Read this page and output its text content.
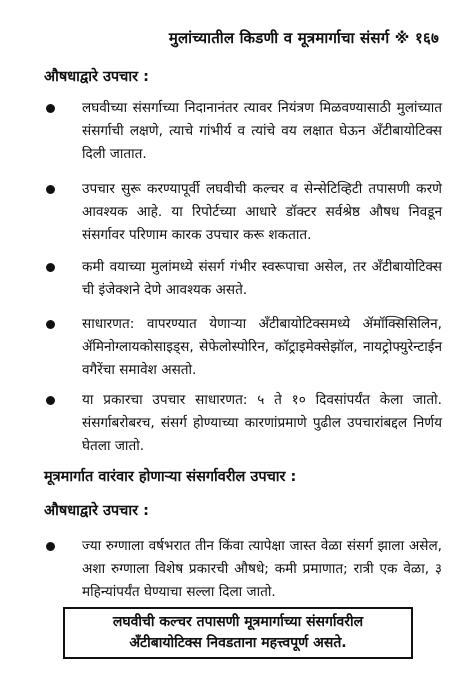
मुलांच्यातील किडणी व मूत्रमार्गाचा संसर्ग ※ १६७
औषधाद्वारे उपचार :
लघवीच्या संसर्गाच्या निदानानंतर त्यावर नियंत्रण मिळवण्यासाठी मुलांच्यात संसर्गाची लक्षणे, त्याचे गांभीर्य व त्यांचे वय लक्षात घेऊन अँटीबायोटिक्स दिली जातात.
उपचार सुरू करण्यापूर्वी लघवीची कल्चर व सेन्सेटिव्हिटी तपासणी करणे आवश्यक आहे. या रिपोर्टच्या आधारे डॉक्टर सर्वश्रेष्ठ औषध निवडून संसर्गावर परिणाम कारक उपचार करू शकतात.
कमी वयाच्या मुलांमध्ये संसर्ग गंभीर स्वरूपाचा असेल, तर अँटीबायोटिक्स ची इंजेक्शने देणे आवश्यक असते.
साधारणत: वापरण्यात येणाऱ्या अँटीबायोटिक्समध्ये ॲमॉक्सिसिलिन, ॲमिनोग्लायकोसाइड्स, सेफेलोस्पोरिन, कॉट्राइमेक्सेझॉल, नायट्रोफ्युरेन्टाईन वगैरेंचा समावेश असतो.
या प्रकारचा उपचार साधारणत: ५ ते १० दिवसांपर्यंत केला जातो. संसर्गाबरोबरच, संसर्ग होण्याच्या कारणांप्रमाणे पुढील उपचारांबद्दल निर्णय घेतला जातो.
मूत्रमार्गात वारंवार होणाऱ्या संसर्गावरील उपचार :
औषधाद्वारे उपचार :
ज्या रुग्णाला वर्षभरात तीन किंवा त्यापेक्षा जास्त वेळा संसर्ग झाला असेल, अशा रुग्णाला विशेष प्रकारची औषधे; कमी प्रमाणात; रात्री एक वेळा, ३ महिन्यांपर्यंत घेण्याचा सल्ला दिला जातो.
लघवीची कल्चर तपासणी मूत्रमार्गाच्या संसर्गावरील
अँटीबायोटिक्स निवडताना महत्त्वपूर्ण असते.
